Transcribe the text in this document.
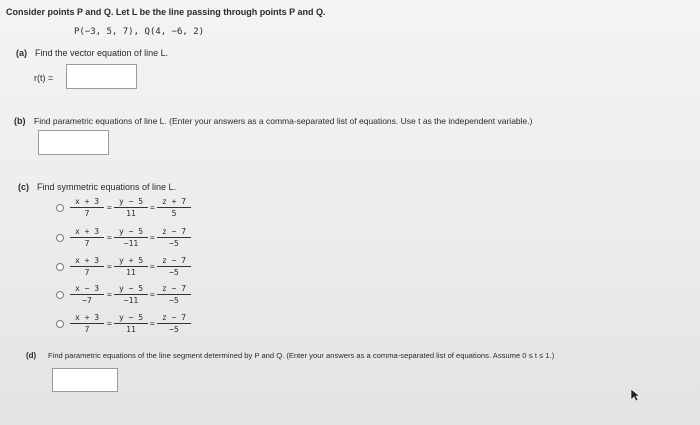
Consider points P and Q. Let L be the line passing through points P and Q.
P(−3, 5, 7), Q(4, −6, 2)
(a) Find the vector equation of line L.
r(t) =
(b) Find parametric equations of line L. (Enter your answers as a comma-separated list of equations. Use t as the independent variable.)
(c) Find symmetric equations of line L.
$\frac{x + 3}{7} = \frac{y - 5}{11} = \frac{z + 7}{5}$
$\frac{x + 3}{7} = \frac{y - 5}{-11} = \frac{z - 7}{-5}$
$\frac{x + 3}{7} = \frac{y + 5}{11} = \frac{z - 7}{-5}$
$\frac{x - 3}{-7} = \frac{y - 5}{-11} = \frac{z - 7}{-5}$
$\frac{x + 3}{7} = \frac{y - 5}{11} = \frac{z - 7}{-5}$
(d) Find parametric equations of the line segment determined by P and Q. (Enter your answers as a comma-separated list of equations. Assume 0 ≤ t ≤ 1.)
